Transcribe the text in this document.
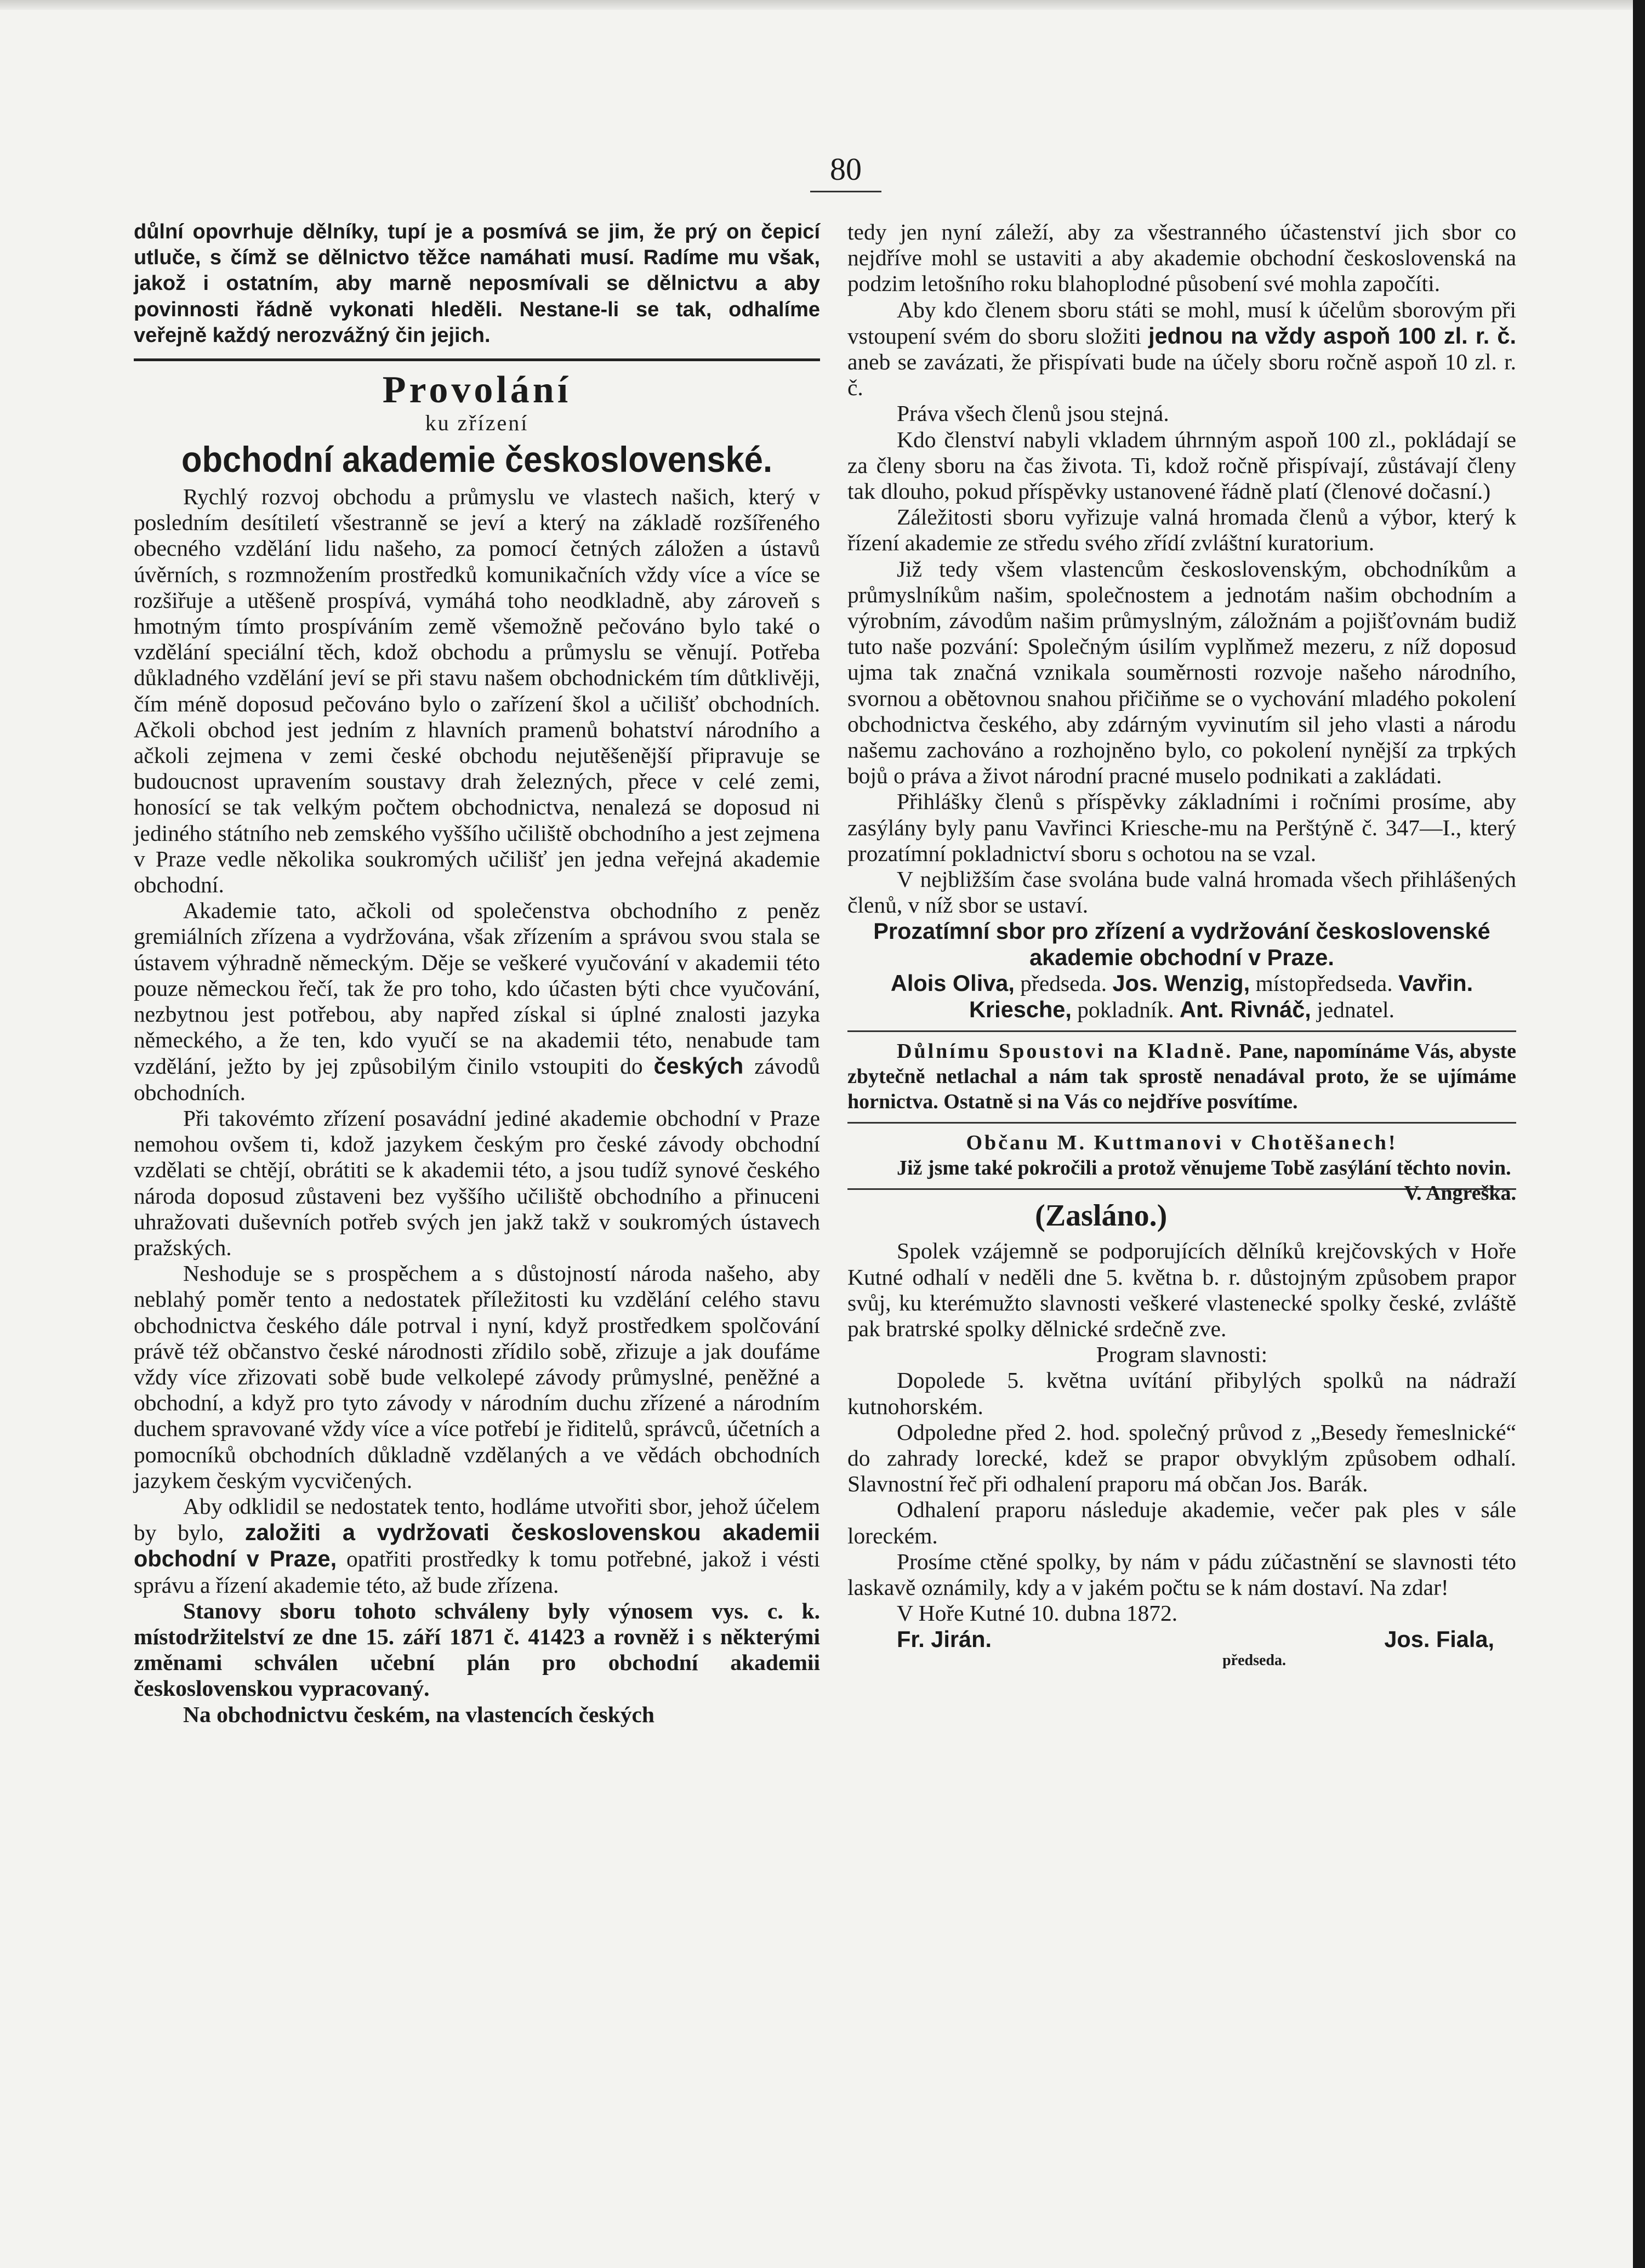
80

důlní opovrhuje dělníky, tupí je a posmívá se jim, že prý on čepicí utluče, s čímž se dělnictvo těžce namáhati musí. Radíme mu však, jakož i ostatním, aby marně neposmívali se dělnictvu a aby povinnosti řádně vykonati hleděli. Nestane-li se tak, odhalíme veřejně každý nerozvážný čin jejich.

Provolání
ku zřízení
obchodní akademie československé.

Rychlý rozvoj obchodu a průmyslu ve vlastech našich, který v posledním desítiletí všestranně se jeví a který na základě rozšířeného obecného vzdělání lidu našeho, za pomocí četných záložen a ústavů úvěrních, s rozmnožením prostředků komunikačních vždy více a více se rozšiřuje a utěšeně prospívá, vymáhá toho neodkladně, aby zároveň s hmotným tímto prospíváním země všemožně pečováno bylo také o vzdělání speciální těch, kdož obchodu a průmyslu se věnují. Potřeba důkladného vzdělání jeví se při stavu našem obchodnickém tím důtklivěji, čím méně doposud pečováno bylo o zařízení škol a učilišť obchodních. Ačkoli obchod jest jedním z hlavních pramenů bohatství národního a ačkoli zejmena v zemi české obchodu nejutěšenější připravuje se budoucnost upravením soustavy drah železných, přece v celé zemi, honosící se tak velkým počtem obchodnictva, nenalezá se doposud ni jediného státního neb zemského vyššího učiliště obchodního a jest zejmena v Praze vedle několika soukromých učilišť jen jedna veřejná akademie obchodní.

Akademie tato, ačkoli od společenstva obchodního z peněz gremiálních zřízena a vydržována, však zřízením a správou svou stala se ústavem výhradně německým. Děje se veškeré vyučování v akademii této pouze německou řečí, tak že pro toho, kdo účasten býti chce vyučování, nezbytnou jest potřebou, aby napřed získal si úplné znalosti jazyka německého, a že ten, kdo vyučí se na akademii této, nenabude tam vzdělání, ježto by jej způsobilým činilo vstoupiti do českých závodů obchodních.

Při takovémto zřízení posavádní jediné akademie obchodní v Praze nemohou ovšem ti, kdož jazykem českým pro české závody obchodní vzdělati se chtějí, obrátiti se k akademii této, a jsou tudíž synové českého národa doposud zůstaveni bez vyššího učiliště obchodního a přinuceni uhražovati duševních potřeb svých jen jakž takž v soukromých ústavech pražských.

Neshoduje se s prospěchem a s důstojností národa našeho, aby neblahý poměr tento a nedostatek příležitosti ku vzdělání celého stavu obchodnictva českého dále potrval i nyní, když prostředkem spolčování právě též občanstvo české národnosti zřídilo sobě, zřizuje a jak doufáme vždy více zřizovati sobě bude velkolepé závody průmyslné, peněžné a obchodní, a když pro tyto závody v národním duchu zřízené a národním duchem spravované vždy více a více potřebí je řiditelů, správců, účetních a pomocníků obchodních důkladně vzdělaných a ve vědách obchodních jazykem českým vycvičených.

Aby odklidil se nedostatek tento, hodláme utvořiti sbor, jehož účelem by bylo, založiti a vydržovati československou akademii obchodní v Praze, opatřiti prostředky k tomu potřebné, jakož i vésti správu a řízení akademie této, až bude zřízena.

Stanovy sboru tohoto schváleny byly výnosem vys. c. k. místodržitelství ze dne 15. září 1871 č. 41423 a rovněž i s některými změnami schválen učební plán pro obchodní akademii československou vypracovaný.

Na obchodnictvu českém, na vlastencích českých

tedy jen nyní záleží, aby za všestranného účastenství jich sbor co nejdříve mohl se ustaviti a aby akademie obchodní československá na podzim letošního roku blahoplodné působení své mohla započíti.

Aby kdo členem sboru státi se mohl, musí k účelům sborovým při vstoupení svém do sboru složiti jednou na vždy aspoň 100 zl. r. č. aneb se zavázati, že přispívati bude na účely sboru ročně aspoň 10 zl. r. č.

Práva všech členů jsou stejná.

Kdo členství nabyli vkladem úhrnným aspoň 100 zl., pokládají se za členy sboru na čas života. Ti, kdož ročně přispívají, zůstávají členy tak dlouho, pokud příspěvky ustanovené řádně platí (členové dočasní.)

Záležitosti sboru vyřizuje valná hromada členů a výbor, který k řízení akademie ze středu svého zřídí zvláštní kuratorium.

Již tedy všem vlastencům československým, obchodníkům a průmyslníkům našim, společnostem a jednotám našim obchodním a výrobním, závodům našim průmyslným, záložnám a pojišťovnám budiž tuto naše pozvání: Společným úsilím vyplňmež mezeru, z níž doposud ujma tak značná vznikala souměrnosti rozvoje našeho národního, svornou a obětovnou snahou přičiňme se o vychování mladého pokolení obchodnictva českého, aby zdárným vyvinutím sil jeho vlasti a národu našemu zachováno a rozhojněno bylo, co pokolení nynější za trpkých bojů o práva a život národní pracné muselo podnikati a zakládati.

Přihlášky členů s příspěvky základními i ročními prosíme, aby zasýlány byly panu Vavřinci Kriesche-mu na Perštýně č. 347—I., který prozatímní pokladnictví sboru s ochotou na se vzal.

V nejbližším čase svolána bude valná hromada všech přihlášených členů, v níž sbor se ustaví.

Prozatímní sbor pro zřízení a vydržování československé akademie obchodní v Praze.

Alois Oliva, předseda. Jos. Wenzig, místopředseda. Vavřin. Kriesche, pokladník. Ant. Rivnáč, jednatel.

Důlnímu Spoustovi na Kladně. Pane, napomínáme Vás, abyste zbytečně netlachal a nám tak sprostě nenadával proto, že se ujímáme hornictva. Ostatně si na Vás co nejdříve posvítíme.

Občanu M. Kuttmanovi v Chotěšanech!

Již jsme také pokročili a protož věnujeme Tobě zasýlání těchto novin.
V. Angreška.

(Zasláno.)

Spolek vzájemně se podporujících dělníků krejčovských v Hoře Kutné odhalí v neděli dne 5. května b. r. důstojným způsobem prapor svůj, ku kterémužto slavnosti veškeré vlastenecké spolky české, zvláště pak bratrské spolky dělnické srdečně zve.

Program slavnosti:

Dopolede 5. května uvítání přibylých spolků na nádraží kutnohorském.

Odpoledne před 2. hod. společný průvod z „Besedy řemeslnické“ do zahrady lorecké, kdež se prapor obvyklým způsobem odhalí. Slavnostní řeč při odhalení praporu má občan Jos. Barák.

Odhalení praporu následuje akademie, večer pak ples v sále loreckém.

Prosíme ctěné spolky, by nám v pádu zúčastnění se slavnosti této laskavě oznámily, kdy a v jakém počtu se k nám dostaví. Na zdar!

V Hoře Kutné 10. dubna 1872.

Fr. Jirán.	Jos. Fiala,
předseda.
